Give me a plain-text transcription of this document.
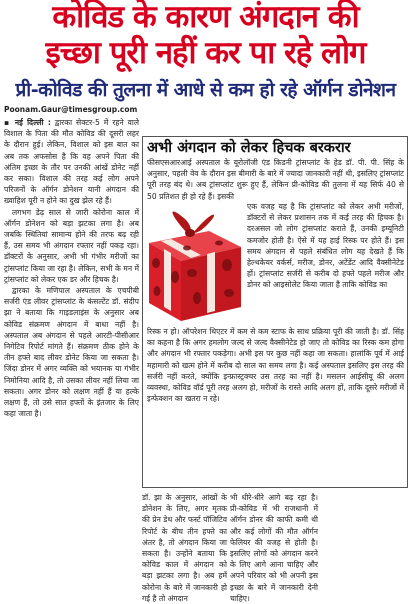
कोविड के कारण अंगदान की
इच्छा पूरी नहीं कर पा रहे लोग
प्री-कोविड की तुलना में आधे से कम हो रहे ऑर्गन डोनेशन
Poonam.Gaur@timesgroup.com

▪ नई दिल्ली : द्वारका सेक्टर-5 में रहने वाले विशाल के पिता की मौत कोविड की दूसरी लहर के दौरान हुई। लेकिन, विशाल को इस बात का अब तक अफसोस है कि वह अपने पिता की अंतिम इच्छा के तौर पर उनकी आंखें डोनेट नहीं कर सका। विशाल की तरह कई लोग अपने परिजनों के ऑर्गन डोनेशन यानी अंगदान की ख्वाहिश पूरी न होने का दुख झेल रहे हैं।

लगभग डेढ़ साल से जारी कोरोना काल में ऑर्गन डोनेशन को बड़ा झटका लगा है। अब जबकि स्थितियां सामान्य होने की तरफ बढ़ रही हैं, उस समय भी अंगदान रफ्तार नहीं पकड़ रहा। डॉक्टरों के अनुसार, अभी भी गंभीर मरीजों का ट्रांसप्लांट किया जा रहा है। लेकिन, सभी के मन में ट्रांसप्लांट को लेकर एक डर और हिचक है।

द्वारका के मणिपाल अस्पताल के एचपीबी सर्जरी एंड लीवर ट्रांसप्लांट के कंसल्टेंट डॉ. संदीप झा ने बताया कि गाइडलाइंस के अनुसार अब कोविड संक्रमण अंगदान में बाधा नहीं है। अस्पताल अब अंगदान से पहले आरटी-पीसीआर निगेटिव रिपोर्ट मांगते हैं। संक्रमण ठीक होने के तीन हफ्ते बाद लीवर डोनेट किया जा सकता है। जिंदा डोनर में अगर व्यक्ति को भयानक या गंभीर निमोनिया आदि है, तो उसका लीवर नहीं लिया जा सकता। अगर डोनर को लक्षण नहीं हैं या हल्के लक्षण हैं, तो उसे सात हफ्तों के इंतजार के लिए कहा जाता है।

अभी अंगदान को लेकर हिचक बरकरार
फीसएसआरआई अस्पताल के यूरोलॉजी एंड किडनी ट्रांसप्लांट के हेड डॉ. पी. पी. सिंह के अनुसार, पहली वेव के दौरान इस बीमारी के बारे में ज्यादा जानकारी नहीं थी, इसलिए ट्रांसप्लांट पूरी तरह बंद थे। अब ट्रांसप्लांट शुरू हुए हैं, लेकिन प्री-कोविड की तुलना में यह सिर्फ 40 से 50 प्रतिशत ही हो रहे हैं। इसकी
एक वजह यह है कि ट्रांसप्लांट को लेकर अभी मरीजों, डॉक्टरों से लेकर प्रशासन तक में कई तरह की हिचक है। दरअसल जो लोग ट्रांसप्लांट कराते हैं, उनकी इम्यूनिटी कमजोर होती है। ऐसे में यह हाई रिस्क पर होते हैं। इस समय अंगदान से पहले संबंधित लोग यह देखते हैं कि हेल्थकेयर वर्कर्स, मरीज, डोनर, अटेंडेंट आदि वैक्सीनेटेड हों। ट्रांसप्लांट सर्जरी से करीब दो हफ्ते पहले मरीज और डोनर को आइसोलेट किया जाता है ताकि कोविड का
रिस्क न हो। ऑपरेशन थिएटर में कम से कम स्टाफ के साथ प्रक्रिया पूरी की जाती है। डॉ. सिंह का कहना है कि अगर हमलोग जल्द से जल्द वैक्सीनेटेड हो जाए तो कोविड का रिस्क कम होगा और अंगदान भी रफ्तार पकड़ेगा। अभी इस पर कुछ नहीं कहा जा सकता। हालांकि पूर्व में आई महामारी को खत्म होने में करीब दो साल का समय लगा है। कई अस्पताल इसलिए इस तरह की सर्जरी नहीं करते, क्योंकि इन्फ्रास्ट्रक्चर उस तरह का नहीं है। मसलन आईसीयू की अलग व्यवस्था, कोविड वॉर्ड पूरी तरह अलग हो, मरीजों के रास्ते आदि अलग हों, ताकि दूसरे मरीजों में इन्फेक्शन का खतरा न रहे।
डॉ. झा के अनुसार, आंखों के डोनेशन के लिए, अगर मृतक की प्रेन डेथ और फर्स्ट पॉजिटिव रिपोर्ट के बीच तीन हफ्ते का अंतर है, तो अंगदान किया जा सकता है। उन्होंने बताया कि कोविड काल में अंगदान को बड़ा झटका लगा है। अब हमें कोरोना के बारे में जानकारी हो गई है तो अंगदान
भी धीरे-धीरे आगे बढ़ रहा है। प्री-कोविड में भी राजधानी में ऑर्गन डोनर की काफी कमी थी और कई लोगों की मौत ऑर्गन फेलियर की वजह से होती है। इसलिए लोगों को अंगदान करने के लिए आगे आना चाहिए और अपने परिवार को भी अपनी इस इच्छा के बारे में जानकारी देनी चाहिए।
